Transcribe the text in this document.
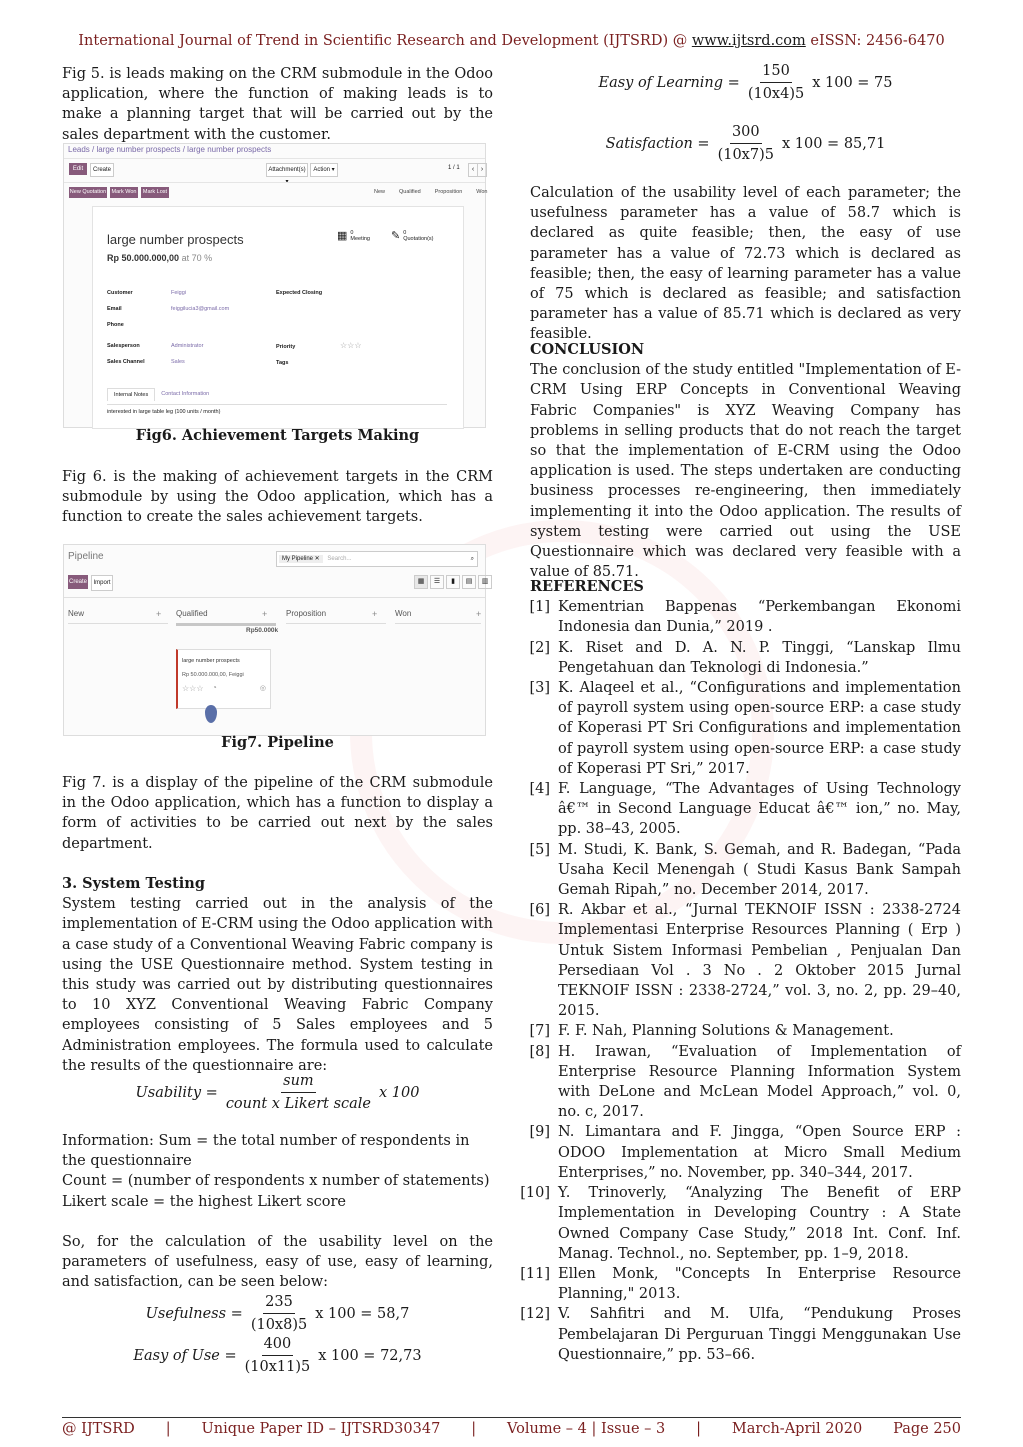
International Journal of Trend in Scientific Research and Development (IJTSRD) @ www.ijtsrd.com eISSN: 2456-6470

Fig 5. is leads making on the CRM submodule in the Odoo application, where the function of making leads is to make a planning target that will be carried out by the sales department with the customer.

Leads / large number prospects / large number prospects
Edit	Create	Attachment(s)	Action ▾	1 / 1	‹ ›
New Quotation Mark Won	Mark Lost	New	Qualified	Proposition	Won
▦ 0
Meeting ✎ 0
Quotation(s)
large number prospects
Rp 50.000.000,00 at 70 %
Customer	Feiggi
Email	feiggilucia3@gmail.com
Phone
Expected Closing
Salesperson	Administrator
Sales Channel	Sales
Priority	☆☆☆
Tags
Internal Notes	Contact Information
interested in large table leg (100 units / month)

Fig6. Achievement Targets Making

Fig 6. is the making of achievement targets in the CRM submodule by using the Odoo application, which has a function to create the sales achievement targets.

Pipeline	My Pipeline ✕ Search...	⌕
Create	Import	▦	☰	▮	▤	▥
New	Qualified	Proposition	Won
+	+	+	+
Rp50.000k
large number prospects
Rp 50.000.000,00, Feiggi
☆☆☆ ◔	◎

Fig7. Pipeline

Fig 7. is a display of the pipeline of the CRM submodule in the Odoo application, which has a function to display a form of activities to be carried out next by the sales department.

3. System Testing

System testing carried out in the analysis of the implementation of E-CRM using the Odoo application with a case study of a Conventional Weaving Fabric company is using the USE Questionnaire method. System testing in this study was carried out by distributing questionnaires to 10 XYZ Conventional Weaving Fabric Company employees consisting of 5 Sales employees and 5 Administration employees. The formula used to calculate the results of the questionnaire are:

Usability = $\frac{\text{sum}}{\text{count x Likert scale}}$ x 100

Information: Sum = the total number of respondents in the questionnaire

Count = (number of respondents x number of statements)

Likert scale = the highest Likert score

So, for the calculation of the usability level on the parameters of usefulness, easy of use, easy of learning, and satisfaction, can be seen below:

Usefulness = $\frac{235}{(10x8)5}$ x 100 = 58,7
Easy of Use = $\frac{400}{(10x11)5}$ x 100 = 72,73
Easy of Learning = $\frac{150}{(10x4)5}$ x 100 = 75
Satisfaction = $\frac{300}{(10x7)5}$ x 100 = 85,71

Calculation of the usability level of each parameter; the usefulness parameter has a value of 58.7 which is declared as quite feasible; then, the easy of use parameter has a value of 72.73 which is declared as feasible; then, the easy of learning parameter has a value of 75 which is declared as feasible; and satisfaction parameter has a value of 85.71 which is declared as very feasible.

CONCLUSION

The conclusion of the study entitled "Implementation of E-CRM Using ERP Concepts in Conventional Weaving Fabric Companies" is XYZ Weaving Company has problems in selling products that do not reach the target so that the implementation of E-CRM using the Odoo application is used. The steps undertaken are conducting business processes re-engineering, then immediately implementing it into the Odoo application. The results of system testing were carried out using the USE Questionnaire which was declared very feasible with a value of 85.71.

REFERENCES

[1] Kementrian Bappenas “Perkembangan Ekonomi Indonesia dan Dunia,” 2019 .
[2] K. Riset and D. A. N. P. Tinggi, “Lanskap Ilmu Pengetahuan dan Teknologi di Indonesia.”
[3] K. Alaqeel et al., “Configurations and implementation of payroll system using open-source ERP: a case study of Koperasi PT Sri Configurations and implementation of payroll system using open-source ERP: a case study of Koperasi PT Sri,” 2017.
[4] F. Language, “The Advantages of Using Technology â€™ in Second Language Educat â€™ ion,” no. May, pp. 38–43, 2005.
[5] M. Studi, K. Bank, S. Gemah, and R. Badegan, “Pada Usaha Kecil Menengah ( Studi Kasus Bank Sampah Gemah Ripah,” no. December 2014, 2017.
[6] R. Akbar et al., “Jurnal TEKNOIF ISSN : 2338-2724 Implementasi Enterprise Resources Planning ( Erp ) Untuk Sistem Informasi Pembelian , Penjualan Dan Persediaan Vol . 3 No . 2 Oktober 2015 Jurnal TEKNOIF ISSN : 2338-2724,” vol. 3, no. 2, pp. 29–40, 2015.
[7] F. F. Nah, Planning Solutions & Management.
[8] H. Irawan, “Evaluation of Implementation of Enterprise Resource Planning Information System with DeLone and McLean Model Approach,” vol. 0, no. c, 2017.
[9] N. Limantara and F. Jingga, “Open Source ERP : ODOO Implementation at Micro Small Medium Enterprises,” no. November, pp. 340–344, 2017.
[10] Y. Trinoverly, “Analyzing The Benefit of ERP Implementation in Developing Country : A State Owned Company Case Study,” 2018 Int. Conf. Inf. Manag. Technol., no. September, pp. 1–9, 2018.
[11] Ellen Monk, "Concepts In Enterprise Resource Planning," 2013.
[12] V. Sahfitri and M. Ulfa, “Pendukung Proses Pembelajaran Di Perguruan Tinggi Menggunakan Use Questionnaire,” pp. 53–66.
@ IJTSRD | Unique Paper ID – IJTSRD30347 | Volume – 4 | Issue – 3 | March-April 2020 Page 250
